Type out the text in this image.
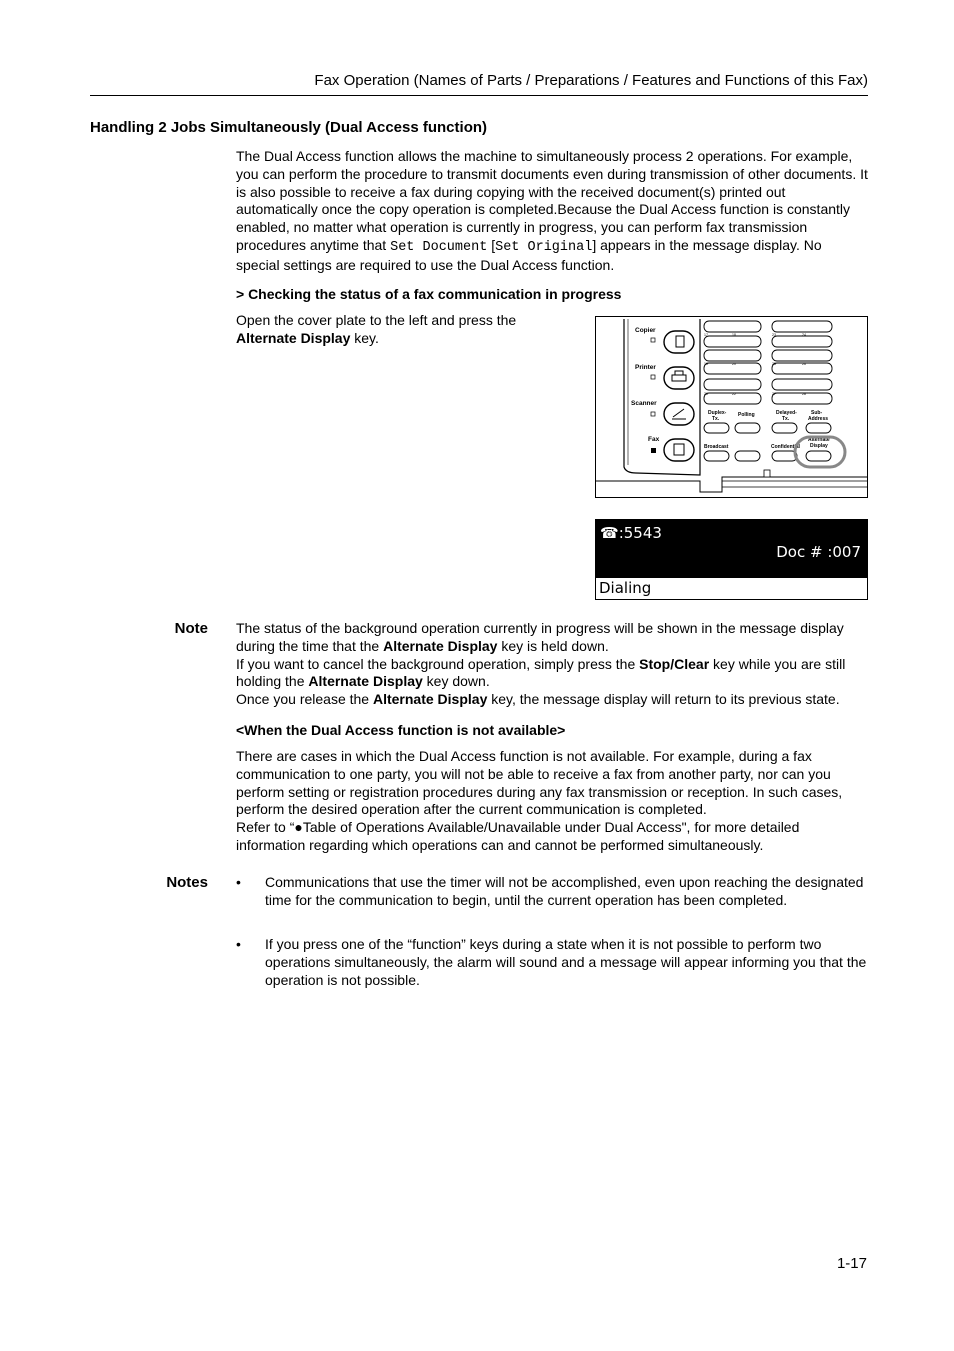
Fax Operation (Names of Parts / Preparations / Features and Functions of this Fax)
Handling 2 Jobs Simultaneously (Dual Access function)
The Dual Access function allows the machine to simultaneously process 2 operations. For example, you can perform the procedure to transmit documents even during transmission of other documents. It is also possible to receive a fax during copying with the received document(s) printed out automatically once the copy operation is completed.Because the Dual Access function is constantly enabled, no matter what operation is currently in progress, you can perform fax transmission procedures anytime that Set Document [Set Original] appears in the message display. No special settings are required to use the Dual Access function.
> Checking the status of a fax communication in progress
Open the cover plate to the left and press the Alternate Display key.	Copier
Printer
Scanner
Fax
17	18
19	20
21	22
23	24
25	26
27	28
Duplex-
Tx.
Polling	Delayed-
Tx.
Sub-
Address
Broadcast	Confidential
Alternate
Display
☎:5543
Doc # :007
Dialing
Note The status of the background operation currently in progress will be shown in the message display during the time that the Alternate Display key is held down.
If you want to cancel the background operation, simply press the Stop/Clear key while you are still holding the Alternate Display key down.
Once you release the Alternate Display key, the message display will return to its previous state.
<When the Dual Access function is not available>
There are cases in which the Dual Access function is not available. For example, during a fax communication to one party, you will not be able to receive a fax from another party, nor can you perform setting or registration procedures during any fax transmission or reception. In such cases, perform the desired operation after the current communication is completed.
Refer to “●Table of Operations Available/Unavailable under Dual Access", for more detailed information regarding which operations can and cannot be performed simultaneously.
Notes • Communications that use the timer will not be accomplished, even upon reaching the designated time for the communication to begin, until the current operation has been completed.
• If you press one of the “function” keys during a state when it is not possible to perform two operations simultaneously, the alarm will sound and a message will appear informing you that the operation is not possible.
1-17
